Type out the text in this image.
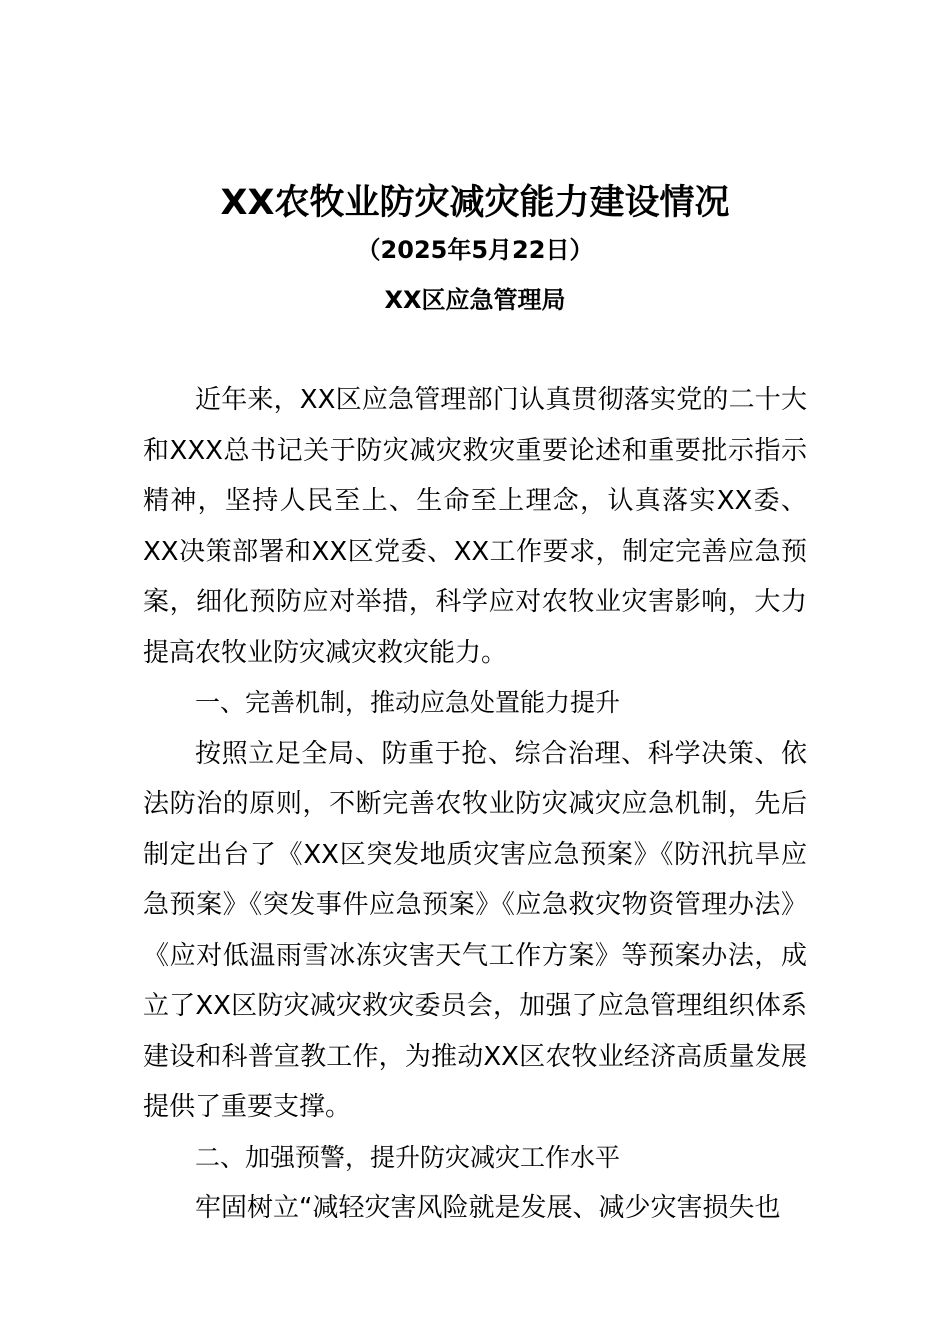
XX农牧业防灾减灾能力建设情况
（2025年5月22日）
XX区应急管理局

近年来，XX区应急管理部门认真贯彻落实党的二十大和XXX总书记关于防灾减灾救灾重要论述和重要批示指示精神，坚持人民至上、生命至上理念，认真落实XX委、XX决策部署和XX区党委、XX工作要求，制定完善应急预案，细化预防应对举措，科学应对农牧业灾害影响，大力提高农牧业防灾减灾救灾能力。

一、完善机制，推动应急处置能力提升

按照立足全局、防重于抢、综合治理、科学决策、依法防治的原则，不断完善农牧业防灾减灾应急机制，先后制定出台了《XX区突发地质灾害应急预案》《防汛抗旱应急预案》《突发事件应急预案》《应急救灾物资管理办法》《应对低温雨雪冰冻灾害天气工作方案》等预案办法，成立了XX区防灾减灾救灾委员会，加强了应急管理组织体系建设和科普宣教工作，为推动XX区农牧业经济高质量发展提供了重要支撑。

二、加强预警，提升防灾减灾工作水平

牢固树立“减轻灾害风险就是发展、减少灾害损失也
